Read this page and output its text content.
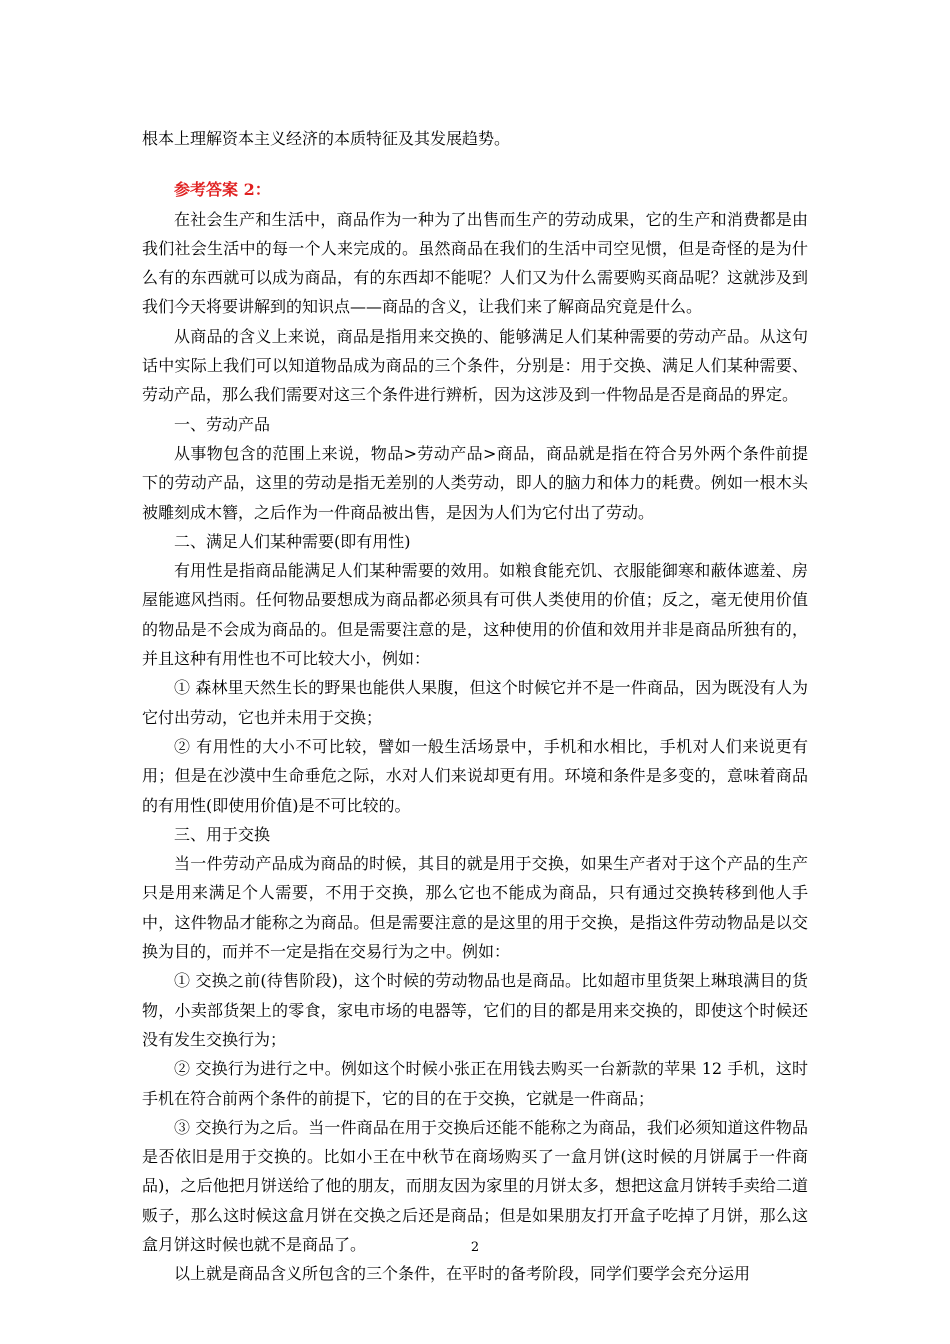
根本上理解资本主义经济的本质特征及其发展趋势。

参考答案 2：

在社会生产和生活中，商品作为一种为了出售而生产的劳动成果，它的生产和消费都是由我们社会生活中的每一个人来完成的。虽然商品在我们的生活中司空见惯，但是奇怪的是为什么有的东西就可以成为商品，有的东西却不能呢？人们又为什么需要购买商品呢？这就涉及到我们今天将要讲解到的知识点——商品的含义，让我们来了解商品究竟是什么。

从商品的含义上来说，商品是指用来交换的、能够满足人们某种需要的劳动产品。从这句话中实际上我们可以知道物品成为商品的三个条件，分别是：用于交换、满足人们某种需要、劳动产品，那么我们需要对这三个条件进行辨析，因为这涉及到一件物品是否是商品的界定。

一、劳动产品

从事物包含的范围上来说，物品>劳动产品>商品，商品就是指在符合另外两个条件前提下的劳动产品，这里的劳动是指无差别的人类劳动，即人的脑力和体力的耗费。例如一根木头被雕刻成木簪，之后作为一件商品被出售，是因为人们为它付出了劳动。

二、满足人们某种需要(即有用性)

有用性是指商品能满足人们某种需要的效用。如粮食能充饥、衣服能御寒和蔽体遮羞、房屋能遮风挡雨。任何物品要想成为商品都必须具有可供人类使用的价值；反之，毫无使用价值的物品是不会成为商品的。但是需要注意的是，这种使用的价值和效用并非是商品所独有的，并且这种有用性也不可比较大小，例如：

① 森林里天然生长的野果也能供人果腹，但这个时候它并不是一件商品，因为既没有人为它付出劳动，它也并未用于交换；

② 有用性的大小不可比较，譬如一般生活场景中，手机和水相比，手机对人们来说更有用；但是在沙漠中生命垂危之际，水对人们来说却更有用。环境和条件是多变的，意味着商品的有用性(即使用价值)是不可比较的。

三、用于交换

当一件劳动产品成为商品的时候，其目的就是用于交换，如果生产者对于这个产品的生产只是用来满足个人需要，不用于交换，那么它也不能成为商品，只有通过交换转移到他人手中，这件物品才能称之为商品。但是需要注意的是这里的用于交换，是指这件劳动物品是以交换为目的，而并不一定是指在交易行为之中。例如：

① 交换之前(待售阶段)，这个时候的劳动物品也是商品。比如超市里货架上琳琅满目的货物，小卖部货架上的零食，家电市场的电器等，它们的目的都是用来交换的，即使这个时候还没有发生交换行为；

② 交换行为进行之中。例如这个时候小张正在用钱去购买一台新款的苹果 12 手机，这时手机在符合前两个条件的前提下，它的目的在于交换，它就是一件商品；

③ 交换行为之后。当一件商品在用于交换后还能不能称之为商品，我们必须知道这件物品是否依旧是用于交换的。比如小王在中秋节在商场购买了一盒月饼(这时候的月饼属于一件商品)，之后他把月饼送给了他的朋友，而朋友因为家里的月饼太多，想把这盒月饼转手卖给二道贩子，那么这时候这盒月饼在交换之后还是商品；但是如果朋友打开盒子吃掉了月饼，那么这盒月饼这时候也就不是商品了。

以上就是商品含义所包含的三个条件，在平时的备考阶段，同学们要学会充分运用

2
